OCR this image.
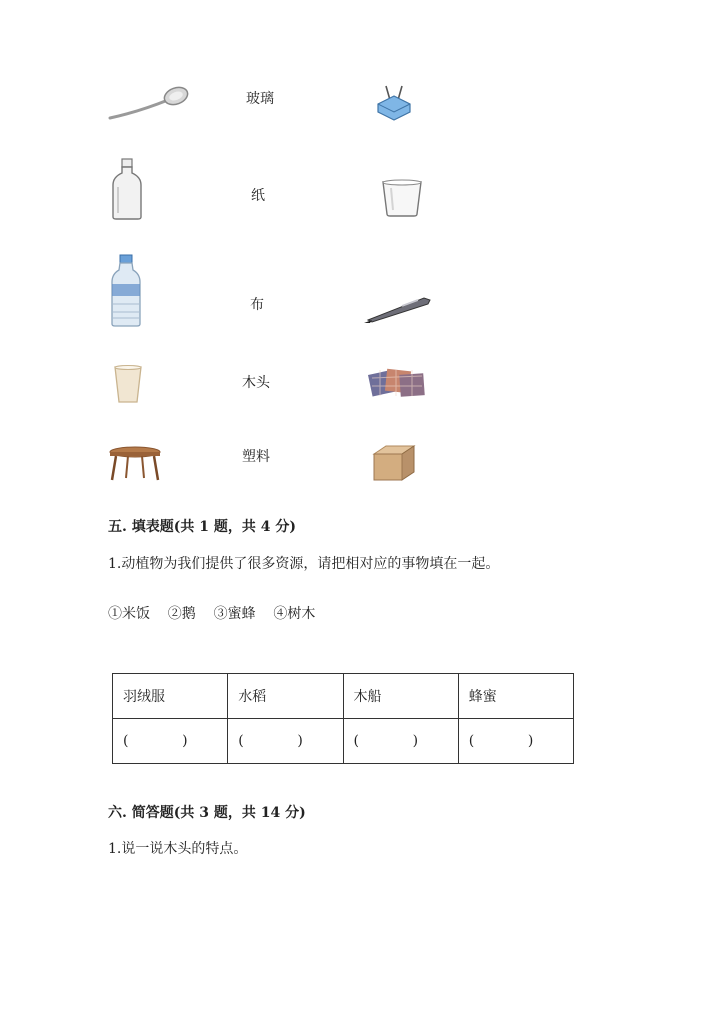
玻璃
纸
布
木头
塑料
五. 填表题(共 1 题，共 4 分)
1.动植物为我们提供了很多资源，请把相对应的事物填在一起。
①米饭    ②鹅    ③蜜蜂    ④树木
羽绒服	水稻	木船	蜂蜜
(        )	(        )	(        )	(        )
六. 简答题(共 3 题，共 14 分)
1.说一说木头的特点。
